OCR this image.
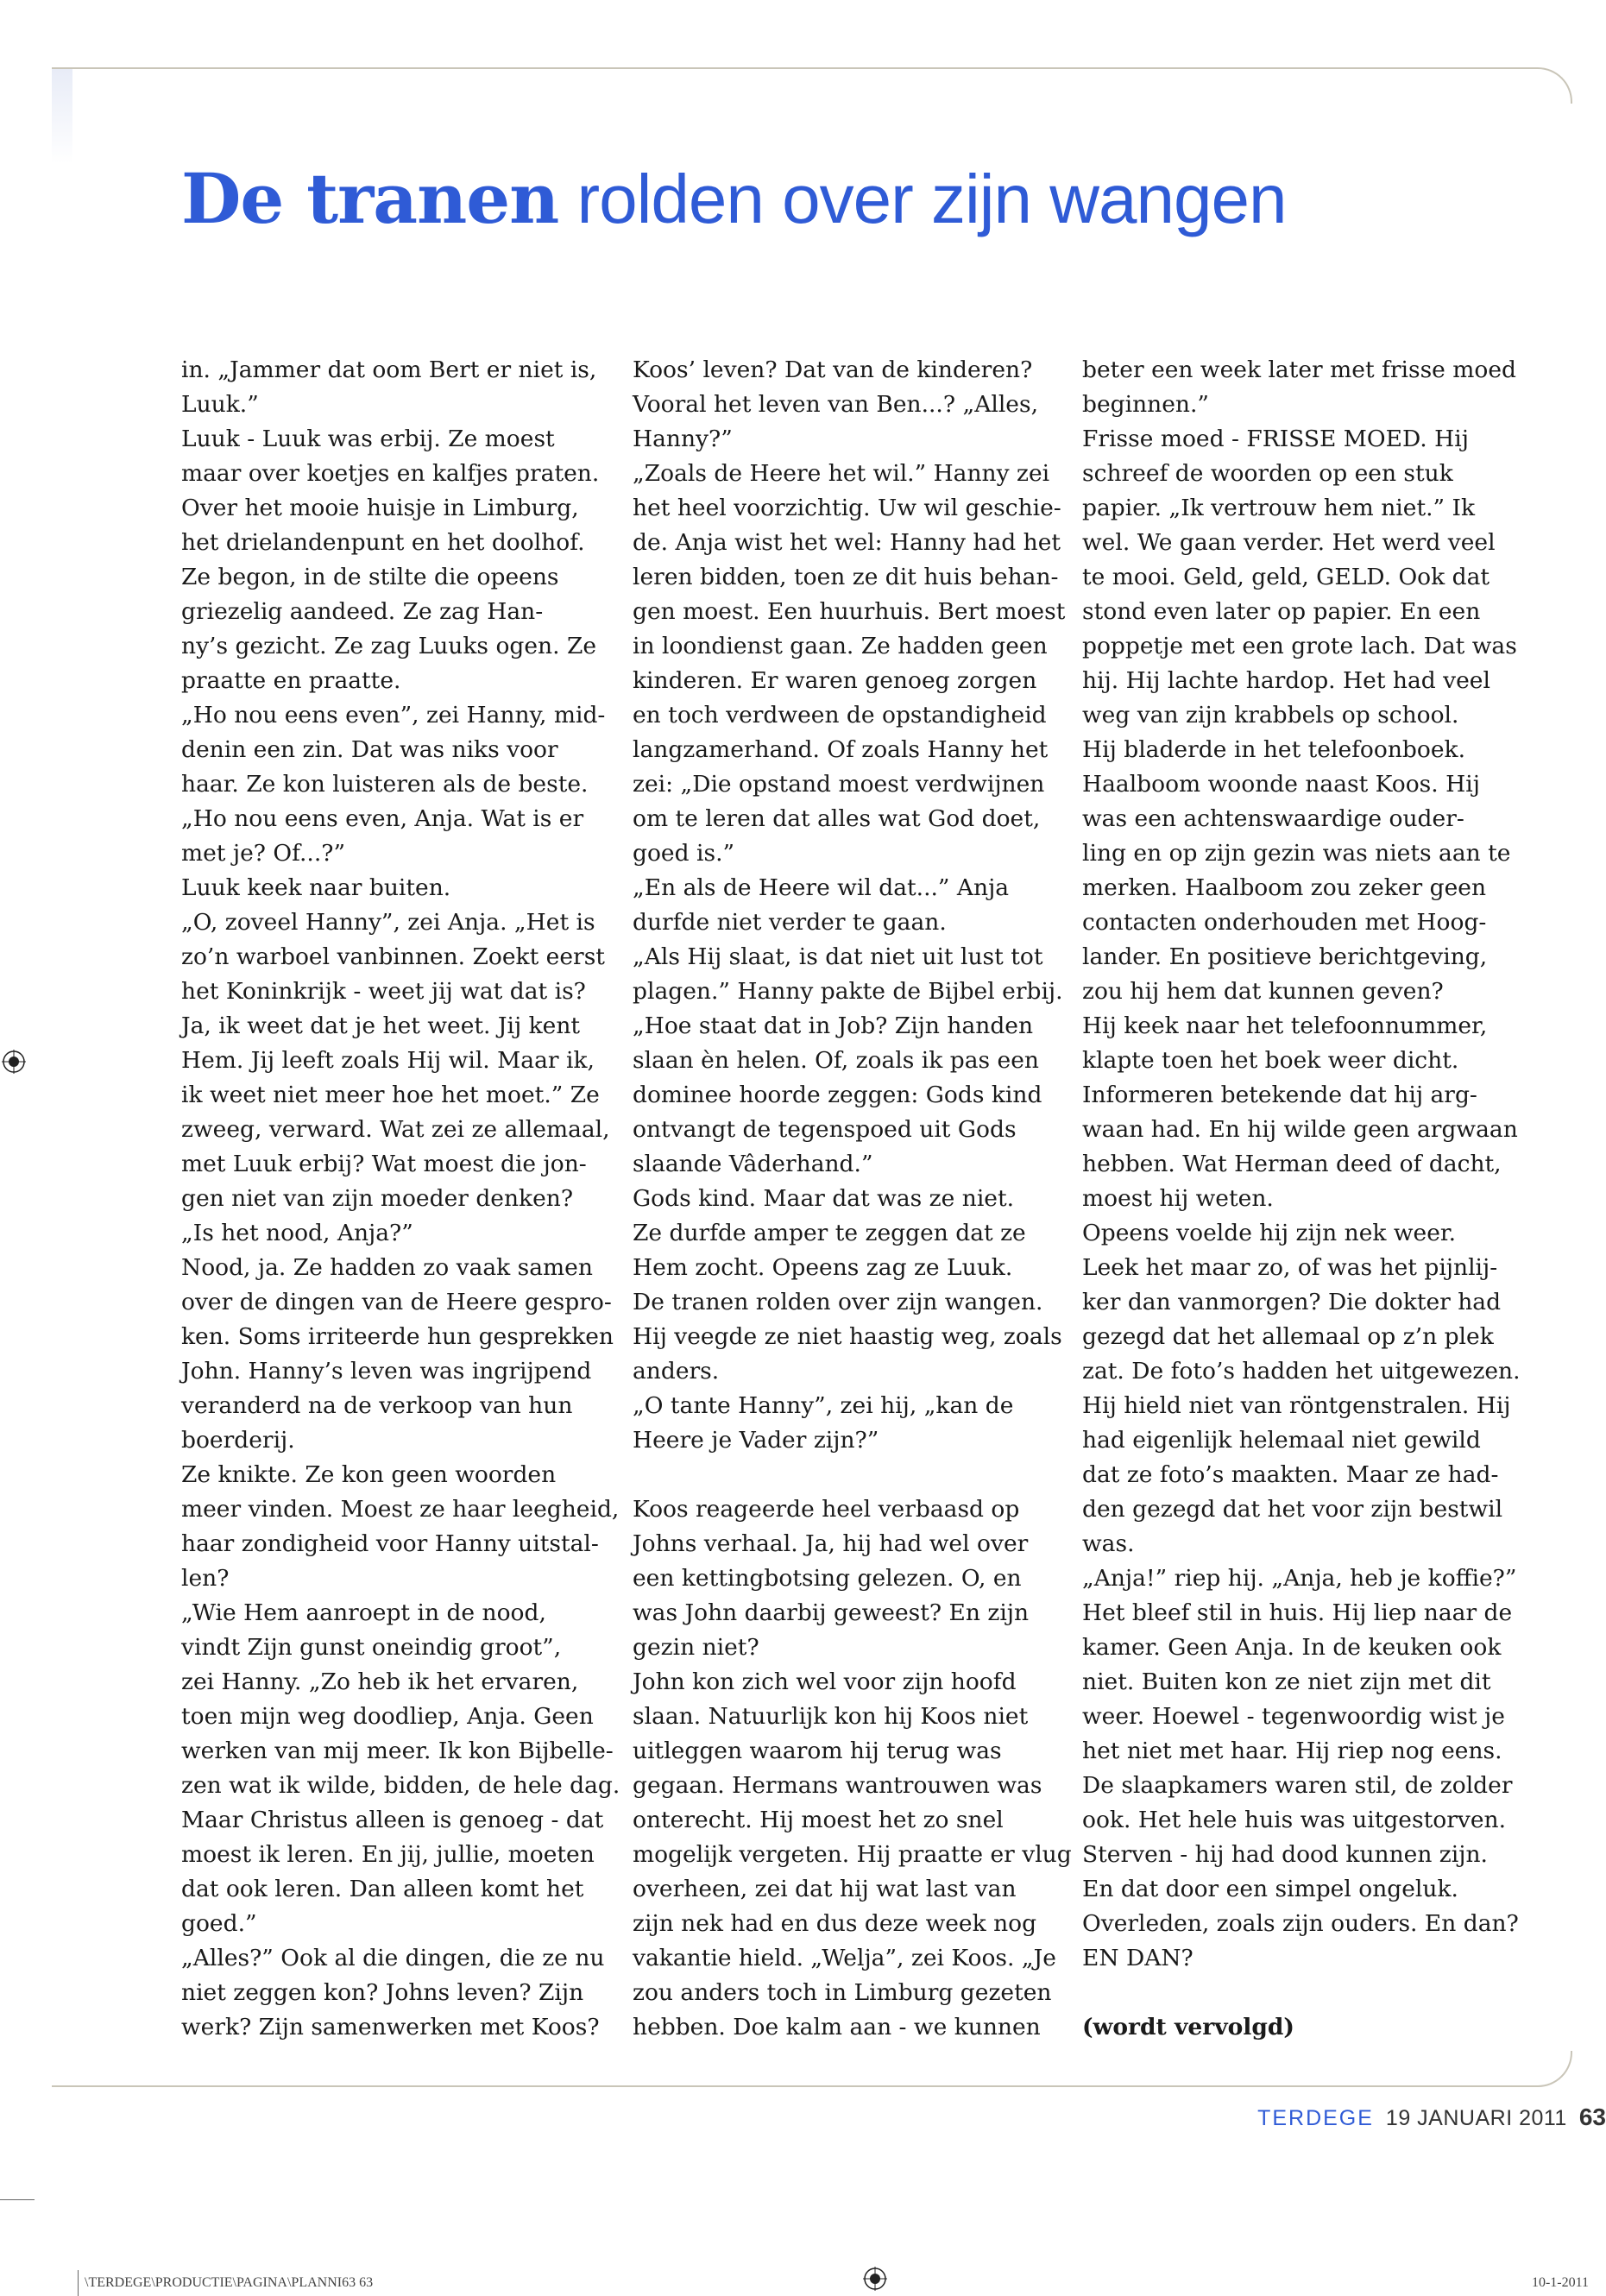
De tranen rolden over zijn wangen
in. „Jammer dat oom Bert er niet is,
Luuk.”
Luuk - Luuk was erbij. Ze moest
maar over koetjes en kalfjes praten.
Over het mooie huisje in Limburg,
het drielandenpunt en het doolhof.
Ze begon, in de stilte die opeens
griezelig aandeed. Ze zag Han-
ny’s gezicht. Ze zag Luuks ogen. Ze
praatte en praatte.
„Ho nou eens even”, zei Hanny, mid-
denin een zin. Dat was niks voor
haar. Ze kon luisteren als de beste.
„Ho nou eens even, Anja. Wat is er
met je? Of...?”
Luuk keek naar buiten.
„O, zoveel Hanny”, zei Anja. „Het is
zo’n warboel vanbinnen. Zoekt eerst
het Koninkrijk - weet jij wat dat is?
Ja, ik weet dat je het weet. Jij kent
Hem. Jij leeft zoals Hij wil. Maar ik,
ik weet niet meer hoe het moet.” Ze
zweeg, verward. Wat zei ze allemaal,
met Luuk erbij? Wat moest die jon-
gen niet van zijn moeder denken?
„Is het nood, Anja?”
Nood, ja. Ze hadden zo vaak samen
over de dingen van de Heere gespro-
ken. Soms irriteerde hun gesprekken
John. Hanny’s leven was ingrijpend
veranderd na de verkoop van hun
boerderij.
Ze knikte. Ze kon geen woorden
meer vinden. Moest ze haar leegheid,
haar zondigheid voor Hanny uitstal-
len?
„Wie Hem aanroept in de nood,
vindt Zijn gunst oneindig groot”,
zei Hanny. „Zo heb ik het ervaren,
toen mijn weg doodliep, Anja. Geen
werken van mij meer. Ik kon Bijbelle-
zen wat ik wilde, bidden, de hele dag.
Maar Christus alleen is genoeg - dat
moest ik leren. En jij, jullie, moeten
dat ook leren. Dan alleen komt het
goed.”
„Alles?” Ook al die dingen, die ze nu
niet zeggen kon? Johns leven? Zijn
werk? Zijn samenwerken met Koos?
Koos’ leven? Dat van de kinderen?
Vooral het leven van Ben...? „Alles,
Hanny?”
„Zoals de Heere het wil.” Hanny zei
het heel voorzichtig. Uw wil geschie-
de. Anja wist het wel: Hanny had het
leren bidden, toen ze dit huis behan-
gen moest. Een huurhuis. Bert moest
in loondienst gaan. Ze hadden geen
kinderen. Er waren genoeg zorgen
en toch verdween de opstandigheid
langzamerhand. Of zoals Hanny het
zei: „Die opstand moest verdwijnen
om te leren dat alles wat God doet,
goed is.”
„En als de Heere wil dat...” Anja
durfde niet verder te gaan.
„Als Hij slaat, is dat niet uit lust tot
plagen.” Hanny pakte de Bijbel erbij.
„Hoe staat dat in Job? Zijn handen
slaan èn helen. Of, zoals ik pas een
dominee hoorde zeggen: Gods kind
ontvangt de tegenspoed uit Gods
slaande Vâderhand.”
Gods kind. Maar dat was ze niet.
Ze durfde amper te zeggen dat ze
Hem zocht. Opeens zag ze Luuk.
De tranen rolden over zijn wangen.
Hij veegde ze niet haastig weg, zoals
anders.
„O tante Hanny”, zei hij, „kan de
Heere je Vader zijn?”
Koos reageerde heel verbaasd op
Johns verhaal. Ja, hij had wel over
een kettingbotsing gelezen. O, en
was John daarbij geweest? En zijn
gezin niet?
John kon zich wel voor zijn hoofd
slaan. Natuurlijk kon hij Koos niet
uitleggen waarom hij terug was
gegaan. Hermans wantrouwen was
onterecht. Hij moest het zo snel
mogelijk vergeten. Hij praatte er vlug
overheen, zei dat hij wat last van
zijn nek had en dus deze week nog
vakantie hield. „Welja”, zei Koos. „Je
zou anders toch in Limburg gezeten
hebben. Doe kalm aan - we kunnen
beter een week later met frisse moed
beginnen.”
Frisse moed - FRISSE MOED. Hij
schreef de woorden op een stuk
papier. „Ik vertrouw hem niet.” Ik
wel. We gaan verder. Het werd veel
te mooi. Geld, geld, GELD. Ook dat
stond even later op papier. En een
poppetje met een grote lach. Dat was
hij. Hij lachte hardop. Het had veel
weg van zijn krabbels op school.
Hij bladerde in het telefoonboek.
Haalboom woonde naast Koos. Hij
was een achtenswaardige ouder-
ling en op zijn gezin was niets aan te
merken. Haalboom zou zeker geen
contacten onderhouden met Hoog-
lander. En positieve berichtgeving,
zou hij hem dat kunnen geven?
Hij keek naar het telefoonnummer,
klapte toen het boek weer dicht.
Informeren betekende dat hij arg-
waan had. En hij wilde geen argwaan
hebben. Wat Herman deed of dacht,
moest hij weten.
Opeens voelde hij zijn nek weer.
Leek het maar zo, of was het pijnlij-
ker dan vanmorgen? Die dokter had
gezegd dat het allemaal op z’n plek
zat. De foto’s hadden het uitgewezen.
Hij hield niet van röntgenstralen. Hij
had eigenlijk helemaal niet gewild
dat ze foto’s maakten. Maar ze had-
den gezegd dat het voor zijn bestwil
was.
„Anja!” riep hij. „Anja, heb je koffie?”
Het bleef stil in huis. Hij liep naar de
kamer. Geen Anja. In de keuken ook
niet. Buiten kon ze niet zijn met dit
weer. Hoewel - tegenwoordig wist je
het niet met haar. Hij riep nog eens.
De slaapkamers waren stil, de zolder
ook. Het hele huis was uitgestorven.
Sterven - hij had dood kunnen zijn.
En dat door een simpel ongeluk.
Overleden, zoals zijn ouders. En dan?
EN DAN?
(wordt vervolgd)
TERDEGE 19 JANUARI 2011 63
\TERDEGE\PRODUCTIE\PAGINA\PLANNI63 63	10-1-2011
